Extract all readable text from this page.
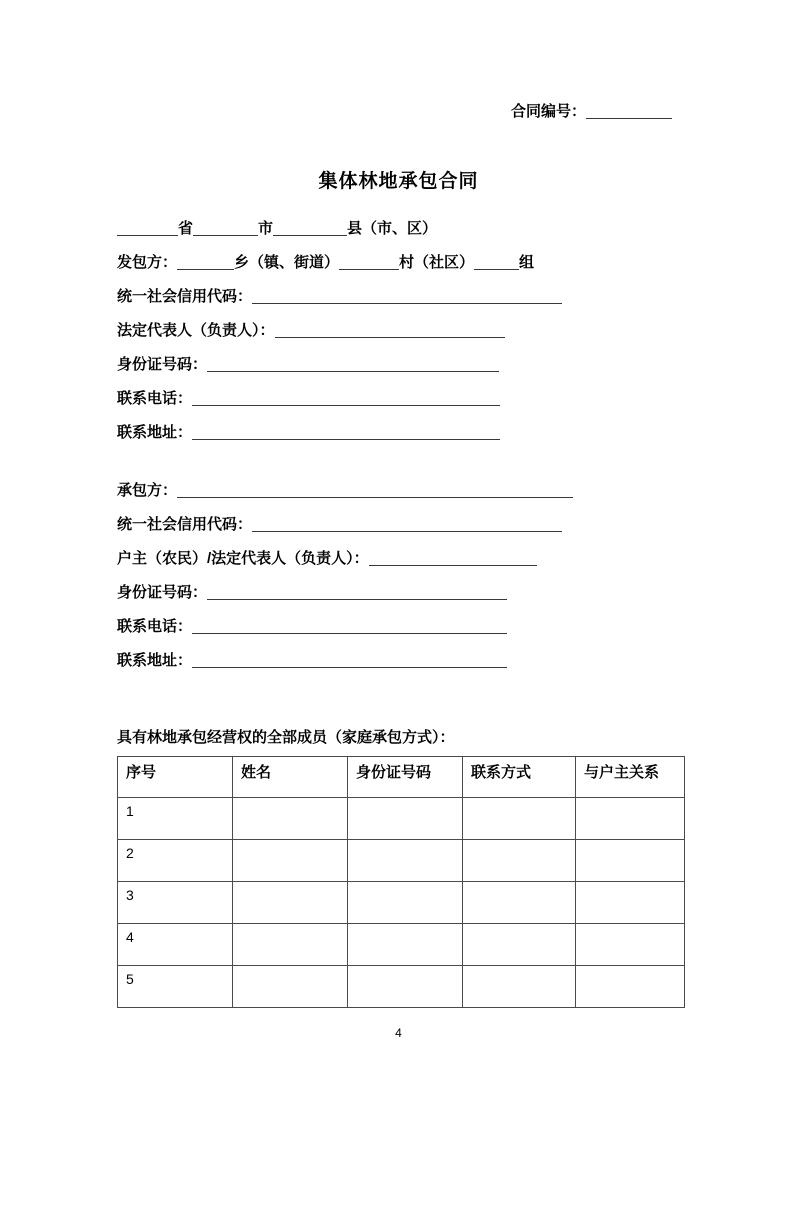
合同编号：
集体林地承包合同
省	市	县（市、区）
发包方：	乡（镇、街道）	村（社区）	组
统一社会信用代码：
法定代表人（负责人）：
身份证号码：
联系电话：
联系地址：
承包方：
统一社会信用代码：
户主（农民）/法定代表人（负责人）：
身份证号码：
联系电话：
联系地址：
具有林地承包经营权的全部成员（家庭承包方式）：
序号	姓名	身份证号码	联系方式	与户主关系
1				
2				
3				
4				
5				
4
